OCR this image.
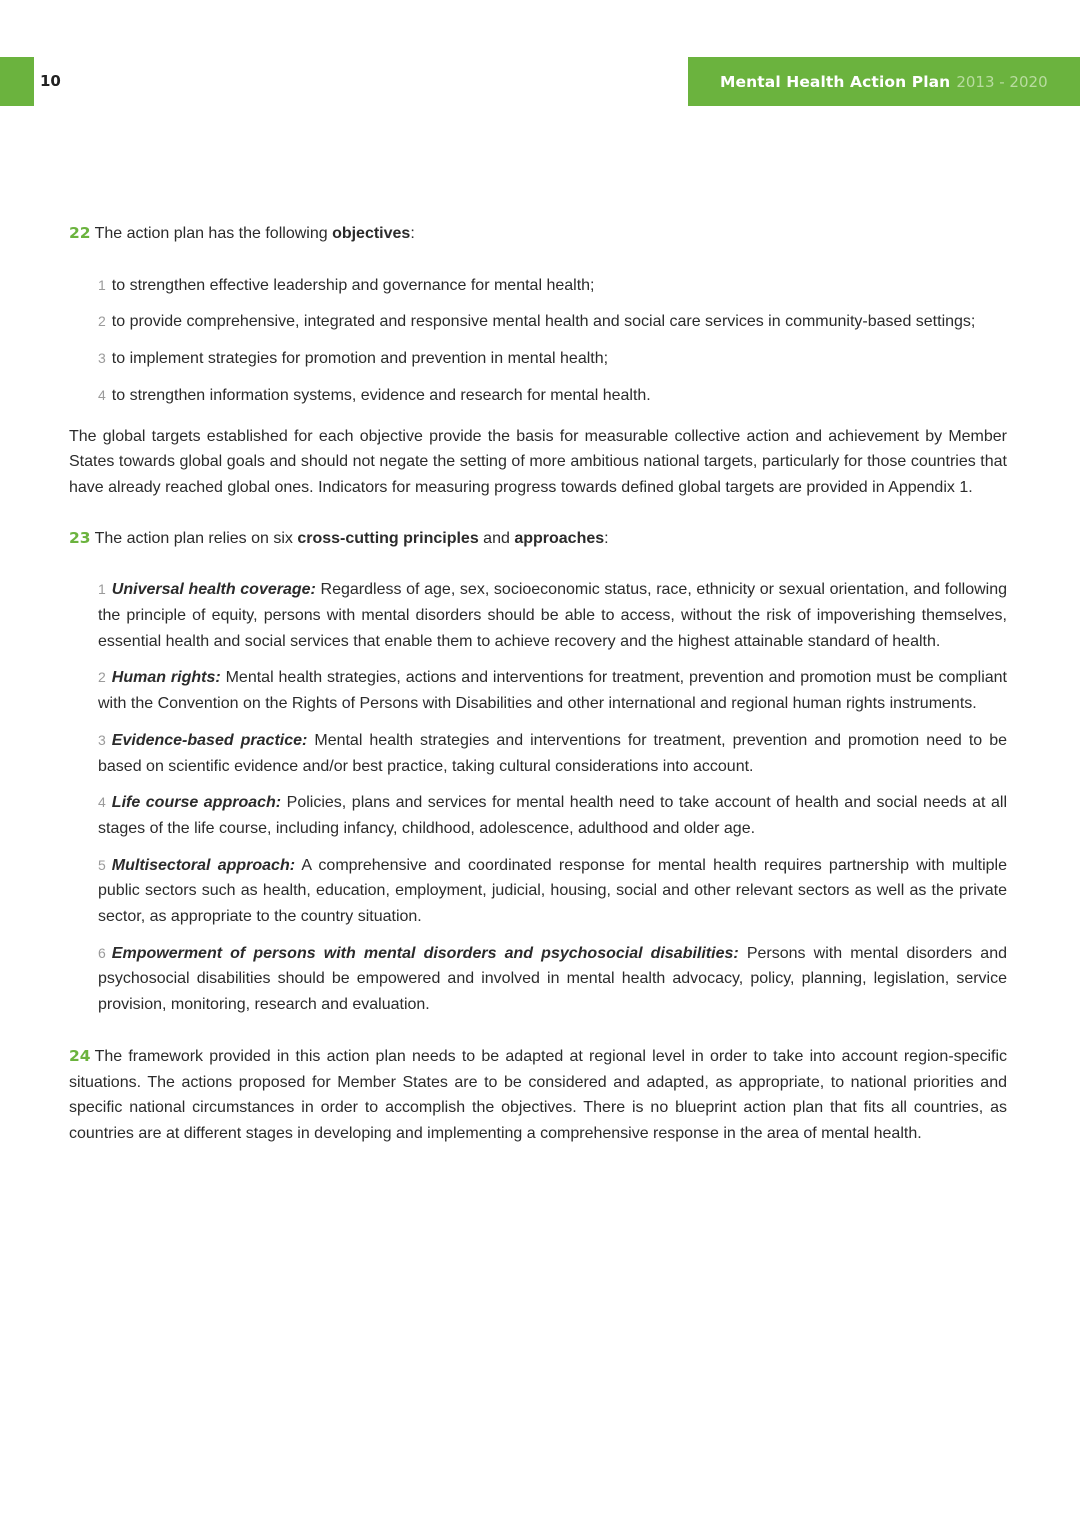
10	Mental Health Action Plan 2013 - 2020

22 The action plan has the following objectives:

1 to strengthen effective leadership and governance for mental health;
2 to provide comprehensive, integrated and responsive mental health and social care services in community-based settings;
3 to implement strategies for promotion and prevention in mental health;
4 to strengthen information systems, evidence and research for mental health.

The global targets established for each objective provide the basis for measurable collective action and achievement by Member States towards global goals and should not negate the setting of more ambitious national targets, particularly for those countries that have already reached global ones. Indicators for measuring progress towards defined global targets are provided in Appendix 1.

23 The action plan relies on six cross-cutting principles and approaches:

1 Universal health coverage: Regardless of age, sex, socioeconomic status, race, ethnicity or sexual orientation, and following the principle of equity, persons with mental disorders should be able to access, without the risk of impoverishing themselves, essential health and social services that enable them to achieve recovery and the highest attainable standard of health.
2 Human rights: Mental health strategies, actions and interventions for treatment, prevention and promotion must be compliant with the Convention on the Rights of Persons with Disabilities and other international and regional human rights instruments.
3 Evidence-based practice: Mental health strategies and interventions for treatment, prevention and promotion need to be based on scientific evidence and/or best practice, taking cultural considerations into account.
4 Life course approach: Policies, plans and services for mental health need to take account of health and social needs at all stages of the life course, including infancy, childhood, adolescence, adulthood and older age.
5 Multisectoral approach: A comprehensive and coordinated response for mental health requires partnership with multiple public sectors such as health, education, employment, judicial, housing, social and other relevant sectors as well as the private sector, as appropriate to the country situation.
6 Empowerment of persons with mental disorders and psychosocial disabilities: Persons with mental disorders and psychosocial disabilities should be empowered and involved in mental health advocacy, policy, planning, legislation, service provision, monitoring, research and evaluation.

24 The framework provided in this action plan needs to be adapted at regional level in order to take into account region-specific situations. The actions proposed for Member States are to be considered and adapted, as appropriate, to national priorities and specific national circumstances in order to accomplish the objectives. There is no blueprint action plan that fits all countries, as countries are at different stages in developing and implementing a comprehensive response in the area of mental health.
